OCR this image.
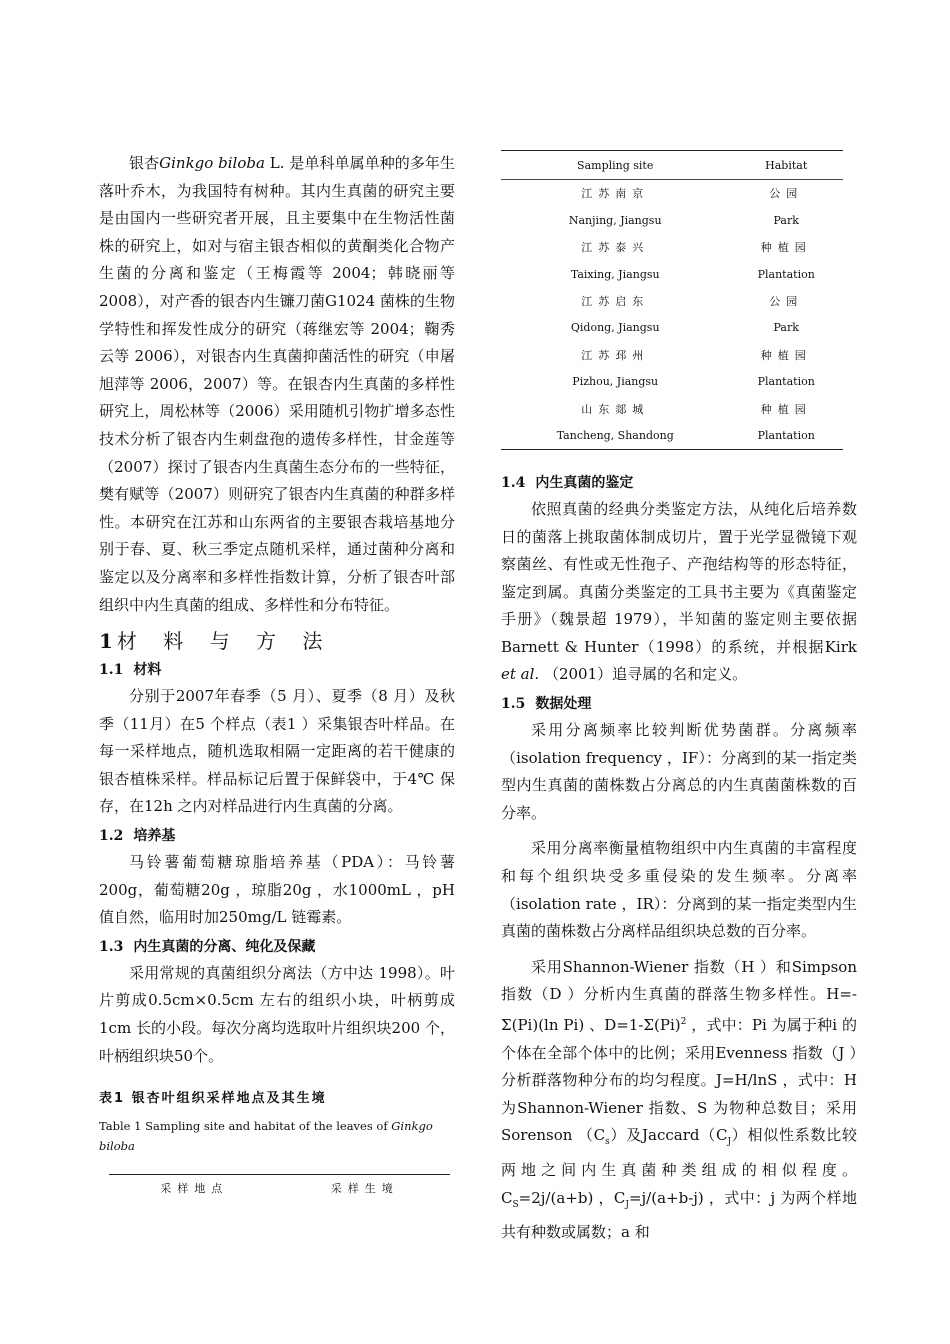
银杏Ginkgo biloba L. 是单科单属单种的多年生落叶乔木，为我国特有树种。其内生真菌的研究主要是由国内一些研究者开展，且主要集中在生物活性菌株的研究上，如对与宿主银杏相似的黄酮类化合物产生菌的分离和鉴定（王梅霞等 2004；韩晓丽等 2008），对产香的银杏内生镰刀菌G1024 菌株的生物学特性和挥发性成分的研究（蒋继宏等 2004；鞠秀云等 2006），对银杏内生真菌抑菌活性的研究（申屠旭萍等 2006，2007）等。在银杏内生真菌的多样性研究上，周松林等（2006）采用随机引物扩增多态性技术分析了银杏内生刺盘孢的遗传多样性，甘金莲等（2007）探讨了银杏内生真菌生态分布的一些特征，樊有赋等（2007）则研究了银杏内生真菌的种群多样性。本研究在江苏和山东两省的主要银杏栽培基地分别于春、夏、秋三季定点随机采样，通过菌种分离和鉴定以及分离率和多样性指数计算，分析了银杏叶部组织中内生真菌的组成、多样性和分布特征。

1 材 料 与 方 法
1.1 材料

分别于2007年春季（5 月）、夏季（8 月）及秋季（11月）在5 个样点（表1 ）采集银杏叶样品。在每一采样地点，随机选取相隔一定距离的若干健康的银杏植株采样。样品标记后置于保鲜袋中，于4℃ 保存，在12h 之内对样品进行内生真菌的分离。

1.2 培养基

马铃薯葡萄糖琼脂培养基（PDA）：马铃薯200g，葡萄糖20g ，琼脂20g ，水1000mL ，pH 值自然，临用时加250mg/L 链霉素。

1.3 内生真菌的分离、纯化及保藏

采用常规的真菌组织分离法（方中达 1998）。叶片剪成0.5cm×0.5cm 左右的组织小块，叶柄剪成1cm 长的小段。每次分离均选取叶片组织块200 个，叶柄组织块50个。

表1 银杏叶组织采样地点及其生境
Table 1 Sampling site and habitat of the leaves of Ginkgo biloba
采样地点	采样生境
Sampling site	Habitat
江苏南京	公园
Nanjing, Jiangsu	Park
江苏泰兴	种植园
Taixing, Jiangsu	Plantation
江苏启东	公园
Qidong, Jiangsu	Park
江苏邳州	种植园
Pizhou, Jiangsu	Plantation
山东郯城	种植园
Tancheng, Shandong	Plantation
1.4 内生真菌的鉴定

依照真菌的经典分类鉴定方法，从纯化后培养数日的菌落上挑取菌体制成切片，置于光学显微镜下观察菌丝、有性或无性孢子、产孢结构等的形态特征，鉴定到属。真菌分类鉴定的工具书主要为《真菌鉴定手册》（魏景超 1979），半知菌的鉴定则主要依据Barnett & Hunter（1998）的系统，并根据Kirk et al. （2001）追寻属的名和定义。

1.5 数据处理

采用分离频率比较判断优势菌群。分离频率（isolation frequency ，IF）：分离到的某一指定类型内生真菌的菌株数占分离总的内生真菌菌株数的百分率。

采用分离率衡量植物组织中内生真菌的丰富程度和每个组织块受多重侵染的发生频率。分离率（isolation rate ，IR）：分离到的某一指定类型内生真菌的菌株数占分离样品组织块总数的百分率。

采用Shannon-Wiener 指数（H ）和Simpson 指数（D ）分析内生真菌的群落生物多样性。H=-Σ(Pi)(ln Pi) 、$D=1-\Sigma(Pi)^2$ ，式中：Pi 为属于种i 的个体在全部个体中的比例；采用Evenness 指数（J ）分析群落物种分布的均匀程度。J=H/lnS ，式中：H 为Shannon-Wiener 指数、S 为物种总数目；采用Sorenson $(C_s)$及$Jaccard(C_J)$相似性系数比较两地之间内生真菌种类组成的相似程度。$C_S=2j/(a+b)$ ，$C_J=j/(a+b-j)$ ，式中：j 为两个样地共有种数或属数；a 和
